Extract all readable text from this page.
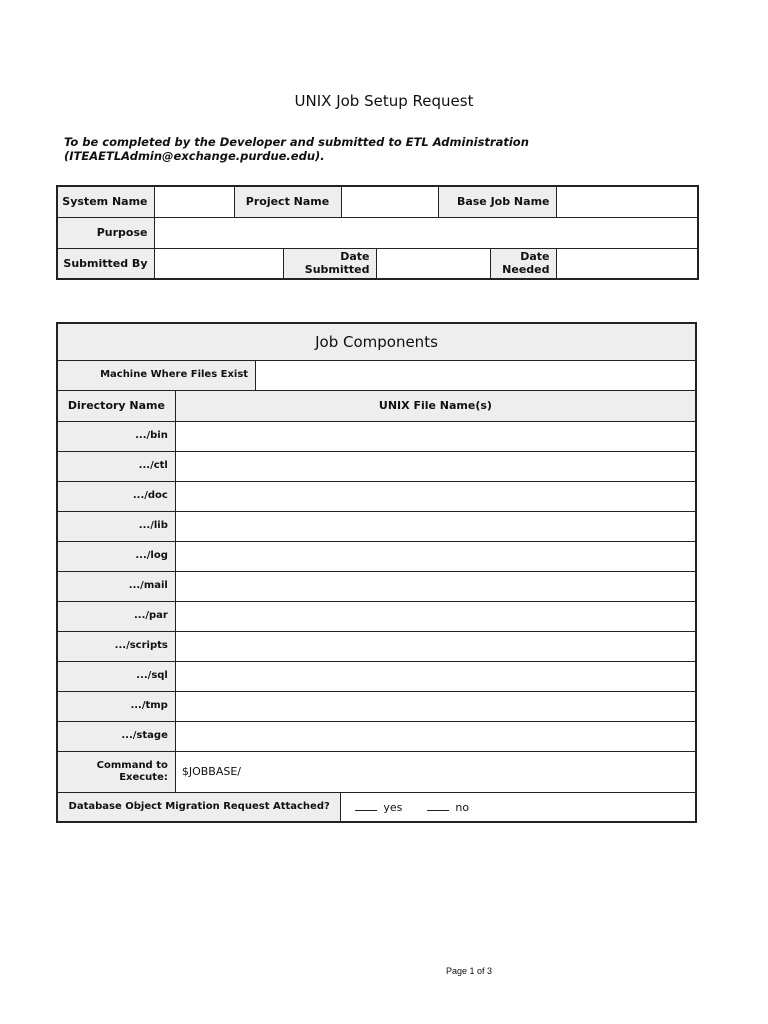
UNIX Job Setup Request
To be completed by the Developer and submitted to ETL Administration
(ITEAETLAdmin@exchange.purdue.edu).
System Name		Project Name				Base Job Name		
Purpose								
Submitted By			Date Submitted				Date Needed	
Job Components			
Machine Where Files Exist			
Directory Name	UNIX File Name(s)		
.../bin			
.../ctl			
.../doc			
.../lib			
.../log			
.../mail			
.../par			
.../scripts			
.../sql			
.../tmp			
.../stage			
Command to Execute:	$JOBBASE/		
Database Object Migration Request Attached?			yes no
Page 1 of 3
